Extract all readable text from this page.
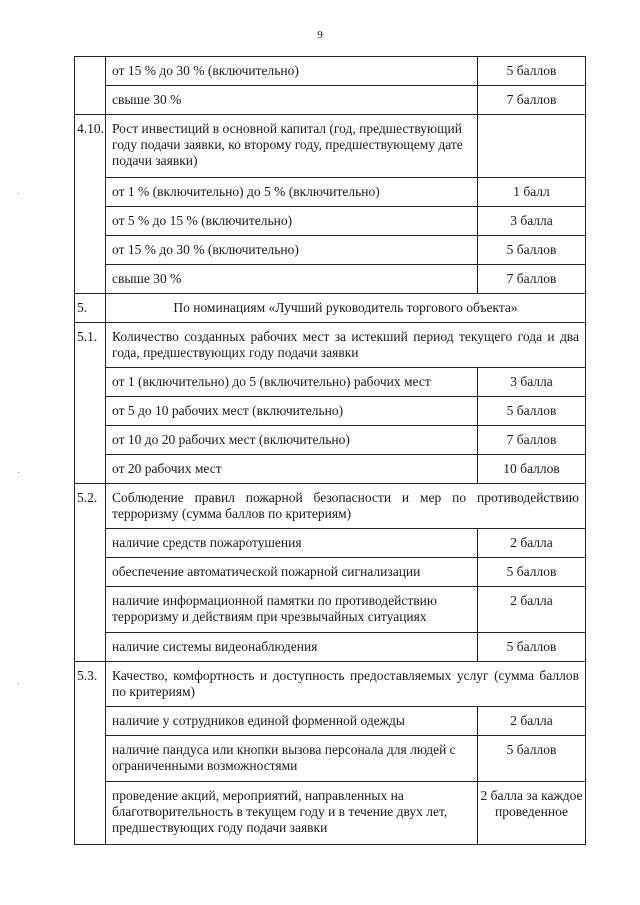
9
	от 15 % до 30 % (включительно)	5 баллов
	свыше 30 %	7 баллов
4.10.	Рост инвестиций в основной капитал (год, предшествующий году подачи заявки, ко второму году, предшествующему дате подачи заявки)	
	от 1 % (включительно) до 5 % (включительно)	1 балл
	от 5 % до 15 % (включительно)	3 балла
	от 15 % до 30 % (включительно)	5 баллов
	свыше 30 %	7 баллов
5.	По номинациям «Лучший руководитель торгового объекта»	
5.1.	Количество созданных рабочих мест за истекший период текущего года и два года, предшествующих году подачи заявки	
	от 1 (включительно) до 5 (включительно) рабочих мест	3 балла
	от 5 до 10 рабочих мест (включительно)	5 баллов
	от 10 до 20 рабочих мест (включительно)	7 баллов
	от 20 рабочих мест	10 баллов
5.2.	Соблюдение правил пожарной безопасности и мер по противодействию терроризму (сумма баллов по критериям)	
	наличие средств пожаротушения	2 балла
	обеспечение автоматической пожарной сигнализации	5 баллов
	наличие информационной памятки по противодействию терроризму и действиям при чрезвычайных ситуациях	2 балла
	наличие системы видеонаблюдения	5 баллов
5.3.	Качество, комфортность и доступность предоставляемых услуг (сумма баллов по критериям)	
	наличие у сотрудников единой форменной одежды	2 балла
	наличие пандуса или кнопки вызова персонала для людей с ограниченными возможностями	5 баллов
	проведение акций, мероприятий, направленных на благотворительность в текущем году и в течение двух лет, предшествующих году подачи заявки	2 балла за каждое проведенное
